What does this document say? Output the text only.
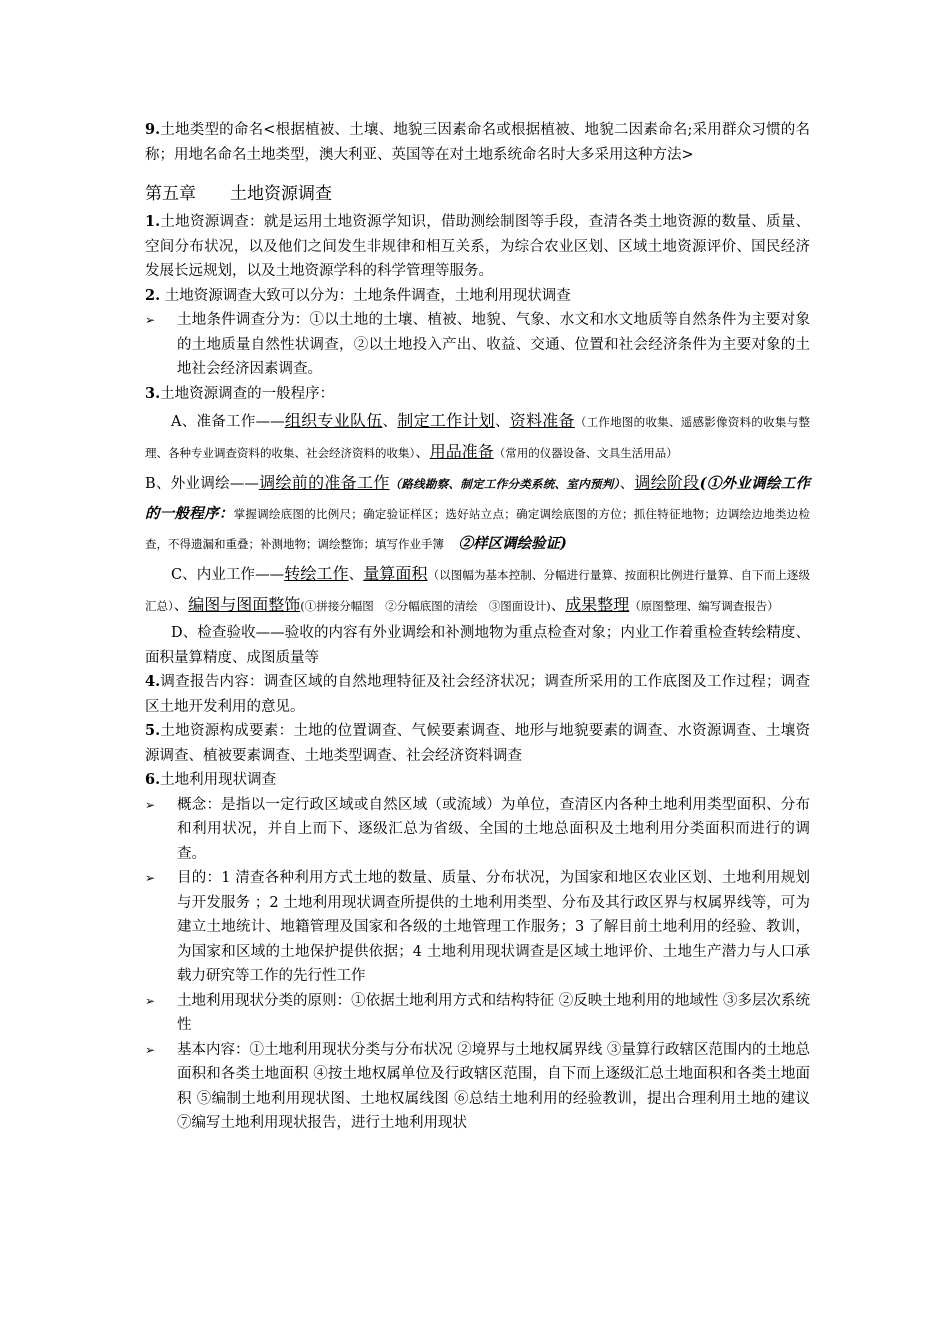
9.土地类型的命名<根据植被、土壤、地貌三因素命名或根据植被、地貌二因素命名;采用群众习惯的名称；用地名命名土地类型，澳大利亚、英国等在对土地系统命名时大多采用这种方法>

第五章　　土地资源调查

1.土地资源调查：就是运用土地资源学知识，借助测绘制图等手段，查清各类土地资源的数量、质量、空间分布状况，以及他们之间发生非规律和相互关系，为综合农业区划、区域土地资源评价、国民经济发展长远规划，以及土地资源学科的科学管理等服务。

2. 土地资源调查大致可以分为：土地条件调查，土地利用现状调查

➢ 土地条件调查分为：①以土地的土壤、植被、地貌、气象、水文和水文地质等自然条件为主要对象的土地质量自然性状调查，②以土地投入产出、收益、交通、位置和社会经济条件为主要对象的土地社会经济因素调查。

3.土地资源调查的一般程序：

A、准备工作——组织专业队伍、制定工作计划、资料准备（工作地图的收集、遥感影像资料的收集与整理、各种专业调查资料的收集、社会经济资料的收集）、用品准备（常用的仪器设备、文具生活用品）

B、外业调绘——调绘前的准备工作（路线勘察、制定工作分类系统、室内预判）、调绘阶段(①外业调绘工作的一般程序：掌握调绘底图的比例尺；确定验证样区；选好站立点；确定调绘底图的方位；抓住特征地物；边调绘边地类边检查，不得遗漏和重叠；补测地物；调绘整饰；填写作业手簿　 ②样区调绘验证)

C、内业工作——转绘工作、量算面积（以图幅为基本控制、分幅进行量算、按面积比例进行量算、自下而上逐级汇总）、编图与图面整饰(①拼接分幅图　②分幅底图的清绘　③图面设计)、成果整理（原图整理、编写调查报告）

D、检查验收——验收的内容有外业调绘和补测地物为重点检查对象；内业工作着重检查转绘精度、面积量算精度、成图质量等

4.调查报告内容：调查区域的自然地理特征及社会经济状况；调查所采用的工作底图及工作过程；调查区土地开发利用的意见。

5.土地资源构成要素：土地的位置调查、气候要素调查、地形与地貌要素的调查、水资源调查、土壤资源调查、植被要素调查、土地类型调查、社会经济资料调查

6.土地利用现状调查

➢ 概念：是指以一定行政区域或自然区域（或流域）为单位，查清区内各种土地利用类型面积、分布和利用状况，并自上而下、逐级汇总为省级、全国的土地总面积及土地利用分类面积而进行的调查。
➢ 目的：1 清查各种利用方式土地的数量、质量、分布状况，为国家和地区农业区划、土地利用规划与开发服务 ；2 土地利用现状调查所提供的土地利用类型、分布及其行政区界与权属界线等，可为建立土地统计、地籍管理及国家和各级的土地管理工作服务；3 了解目前土地利用的经验、教训，为国家和区域的土地保护提供依据；4 土地利用现状调查是区域土地评价、土地生产潜力与人口承载力研究等工作的先行性工作
➢ 土地利用现状分类的原则：①依据土地利用方式和结构特征 ②反映土地利用的地域性 ③多层次系统性
➢ 基本内容：①土地利用现状分类与分布状况 ②境界与土地权属界线 ③量算行政辖区范围内的土地总面积和各类土地面积 ④按土地权属单位及行政辖区范围，自下而上逐级汇总土地面积和各类土地面积 ⑤编制土地利用现状图、土地权属线图 ⑥总结土地利用的经验教训，提出合理利用土地的建议 ⑦编写土地利用现状报告，进行土地利用现状
